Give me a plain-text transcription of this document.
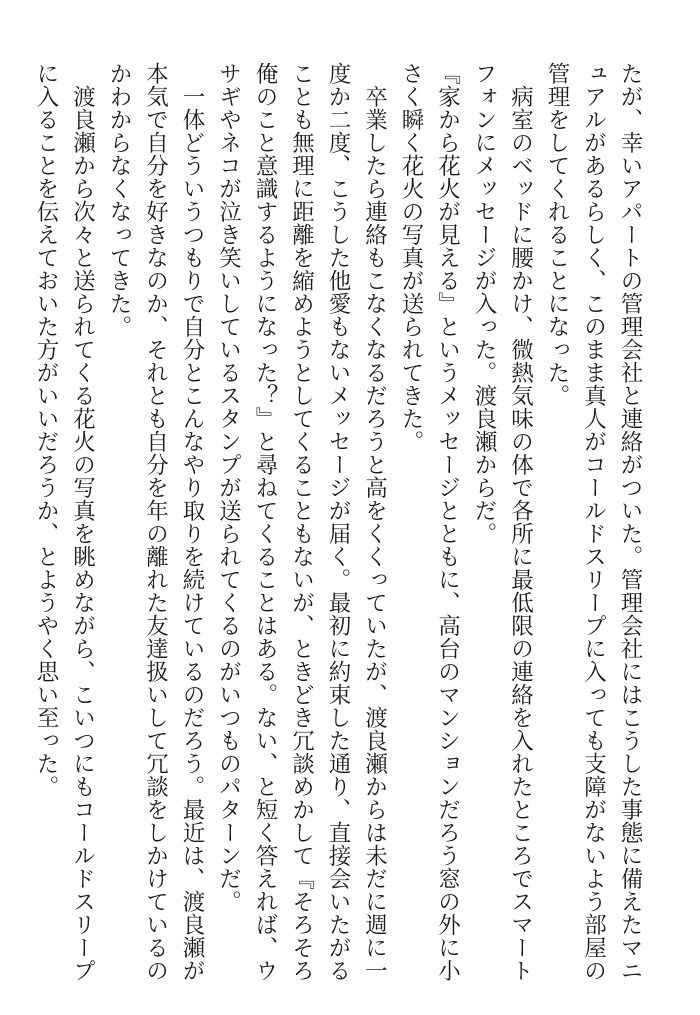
たが、幸いアパートの管理会社と連絡がついた。管理会社にはこうした事態に備えたマニュアルがあるらしく、このまま真人がコールドスリープに入っても支障がないよう部屋の管理をしてくれることになった。

　病室のベッドに腰かけ、微熱気味の体で各所に最低限の連絡を入れたところでスマートフォンにメッセージが入った。渡良瀬からだ。

『家から花火が見える』というメッセージとともに、高台のマンションだろう窓の外に小さく瞬く花火の写真が送られてきた。

　卒業したら連絡もこなくなるだろうと高をくくっていたが、渡良瀬からは未だに週に一度か二度、こうした他愛もないメッセージが届く。最初に約束した通り、直接会いたがることも無理に距離を縮めようとしてくることもないが、ときどき冗談めかして『そろそろ俺のこと意識するようになった？』と尋ねてくることはある。ない、と短く答えれば、ウサギやネコが泣き笑いしているスタンプが送られてくるのがいつものパターンだ。

　一体どういうつもりで自分とこんなやり取りを続けているのだろう。最近は、渡良瀬が本気で自分を好きなのか、それとも自分を年の離れた友達扱いして冗談をしかけているのかわからなくなってきた。

　渡良瀬から次々と送られてくる花火の写真を眺めながら、こいつにもコールドスリープに入ることを伝えておいた方がいいだろうか、とようやく思い至った。
